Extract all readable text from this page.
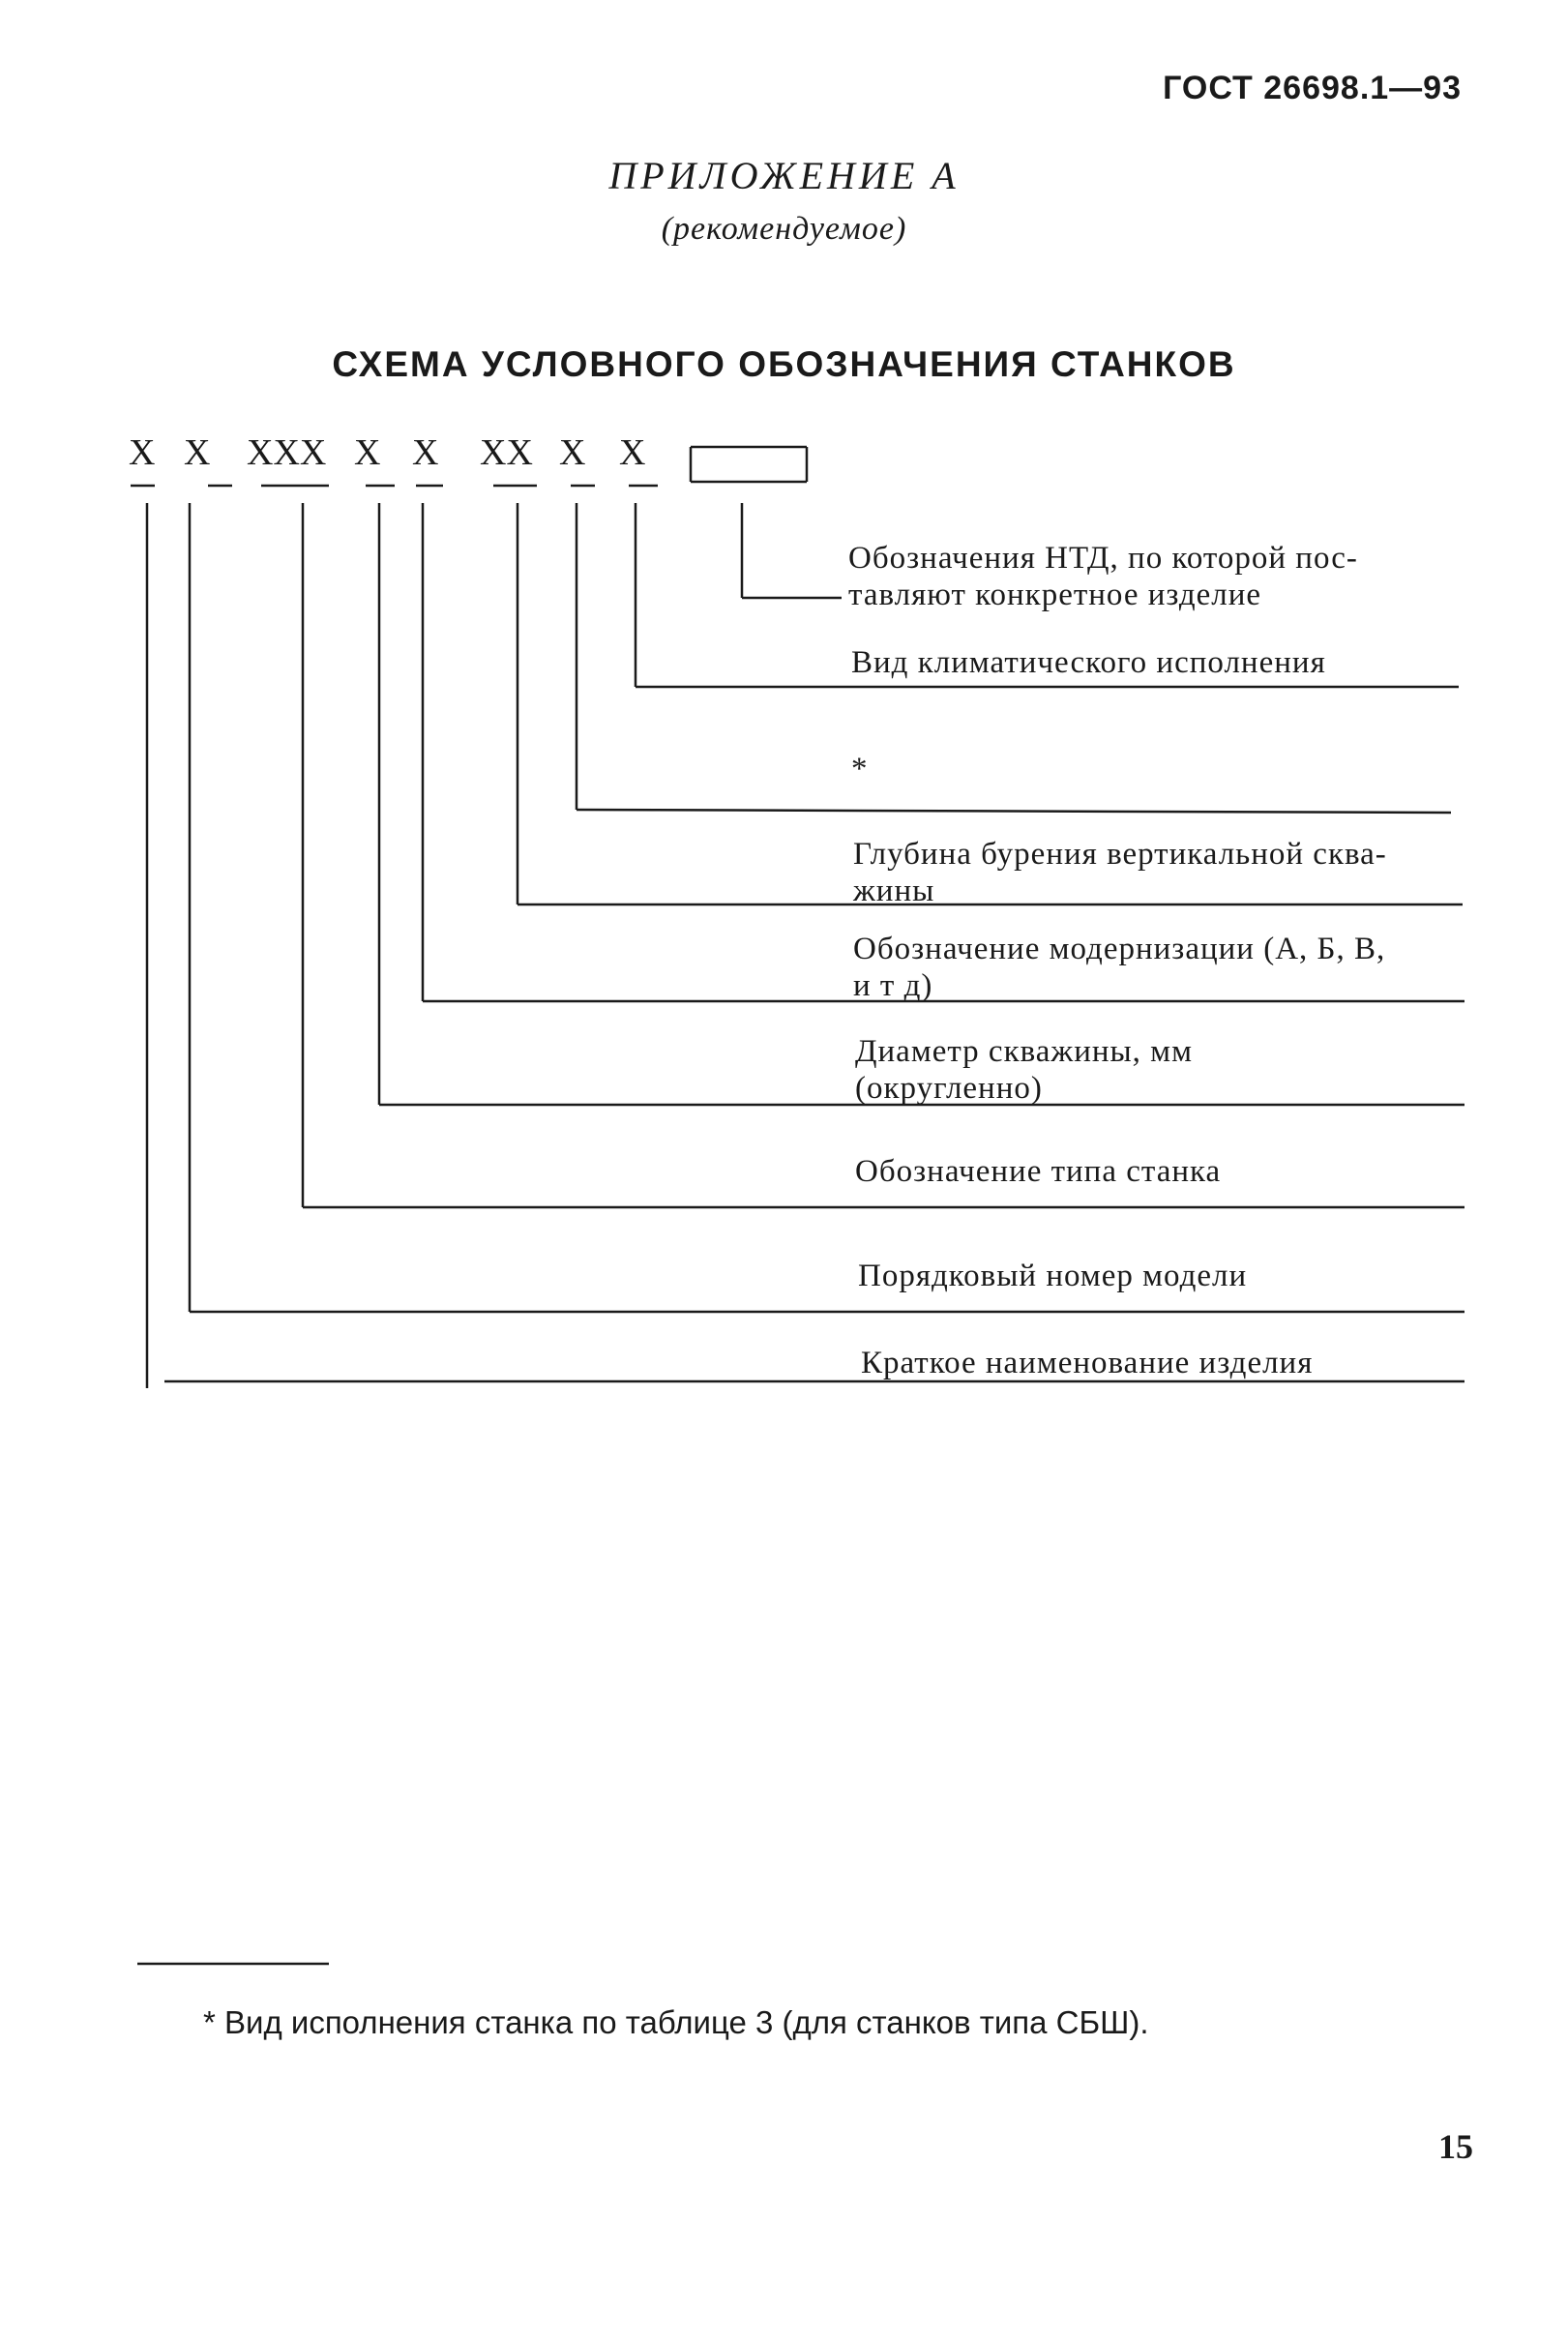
ГОСТ 26698.1—93
ПРИЛОЖЕНИЕ А
(рекомендуемое)
СХЕМА УСЛОВНОГО ОБОЗНАЧЕНИЯ СТАНКОВ
X X XXX X X XX X X
Обозначения НТД, по которой пос-
тавляют конкретное изделие
Вид климатического исполнения
*
Глубина бурения вертикальной сква-
жины
Обозначение модернизации (А, Б, В,
и т д)
Диаметр скважины, мм
(округленно)
Обозначение типа станка
Порядковый номер модели
Краткое наименование изделия
* Вид исполнения станка по таблице 3 (для станков типа СБШ).
15
